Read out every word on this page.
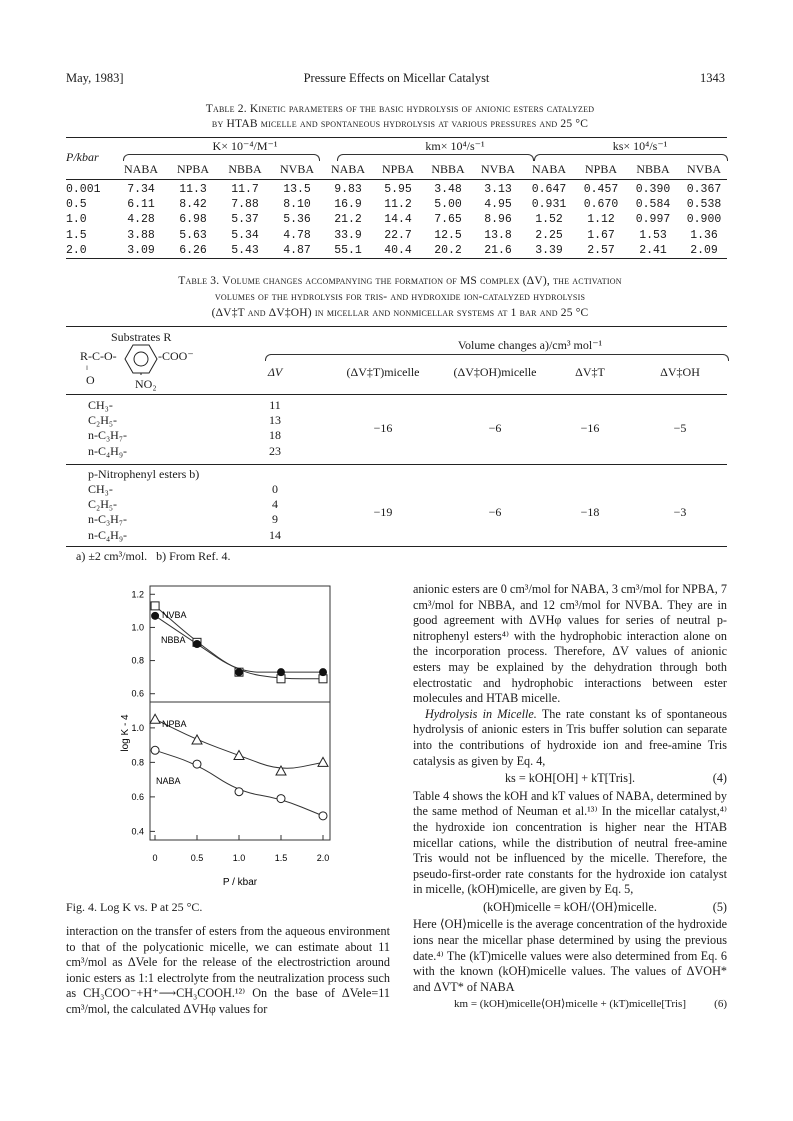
May, 1983]	Pressure Effects on Micellar Catalyst	1343
Table 2. Kinetic parameters of the basic hydrolysis of anionic esters catalyzed
by HTAB micelle and spontaneous hydrolysis at various pressures and 25 °C
P/kbar
K× 10⁻⁴/M⁻¹	km× 10⁴/s⁻¹	ks× 10⁴/s⁻¹
NABA	NPBA	NBBA	NVBA	NABA	NPBA	NBBA	NVBA	NABA	NPBA	NBBA	NVBA
0.001	7.34	11.3	11.7	13.5	9.83	5.95	3.48	3.13	0.647	0.457	0.390	0.367
0.5	6.11	8.42	7.88	8.10	16.9	11.2	5.00	4.95	0.931	0.670	0.584	0.538
1.0	4.28	6.98	5.37	5.36	21.2	14.4	7.65	8.96	1.52	1.12	0.997	0.900
1.5	3.88	5.63	5.34	4.78	33.9	22.7	12.5	13.8	2.25	1.67	1.53	1.36
2.0	3.09	6.26	5.43	4.87	55.1	40.4	20.2	21.6	3.39	2.57	2.41	2.09
Table 3. Volume changes accompanying the formation of MS complex (ΔV), the activation
volumes of the hydrolysis for tris- and hydroxide ion-catalyzed hydrolysis
(ΔV‡T and ΔV‡OH) in micellar and nonmicellar systems at 1 bar and 25 °C
Substrates R
R-C-O-
‖
O
-COO⁻
NO₂
Volume changes a)/cm³ mol⁻¹
ΔV	(ΔV‡T)micelle	(ΔV‡OH)micelle	ΔV‡T	ΔV‡OH
CH₃-	11
C₂H₅-	13
n-C₃H₇-	18
n-C₄H₉-	23
−16	−6	−16	−5
p-Nitrophenyl esters b)
CH₃-	0
C₂H₅-	4
n-C₃H₇-	9
n-C₄H₉-	14
−19	−6	−18	−3
a) ±2 cm³/mol.   b) From Ref. 4.
1.2
1.0
0.8
0.6
1.0
0.8
0.6
0.4
0	0.5	1.0	1.5	2.0
NVBA
NBBA
NPBA
NABA
log K - 4
P / kbar
Fig. 4. Log K vs. P at 25 °C.

interaction on the transfer of esters from the aqueous environment to that of the polycationic micelle, we can estimate about 11 cm³/mol as ΔVele for the release of the electrostriction around ionic esters as 1:1 electrolyte from the neutralization process such as CH₃COO⁻+H⁺⟶CH₃COOH.¹²⁾ On the base of ΔVele=11 cm³/mol, the calculated ΔVHφ values for

anionic esters are 0 cm³/mol for NABA, 3 cm³/mol for NPBA, 7 cm³/mol for NBBA, and 12 cm³/mol for NVBA. They are in good agreement with ΔVHφ values for series of neutral p-nitrophenyl esters⁴⁾ with the hydrophobic interaction alone on the incorporation process. Therefore, ΔV values of anionic esters may be explained by the dehydration through both electrostatic and hydrophobic interactions between ester molecules and HTAB micelle.

Hydrolysis in Micelle. The rate constant ks of spontaneous hydrolysis of anionic esters in Tris buffer solution can separate into the contributions of hydroxide ion and free-amine Tris catalysis as given by Eq. 4,

ks = kOH[OH] + kT[Tris].	(4)

Table 4 shows the kOH and kT values of NABA, determined by the same method of Neuman et al.¹³⁾ In the micellar catalyst,⁴⁾ the hydroxide ion concentration is higher near the HTAB micellar cations, while the distribution of neutral free-amine Tris would not be influenced by the micelle. Therefore, the pseudo-first-order rate constants for the hydroxide ion catalyst in micelle, (kOH)micelle, are given by Eq. 5,

(kOH)micelle = kOH/⟨OH⟩micelle.	(5)

Here ⟨OH⟩micelle is the average concentration of the hydroxide ions near the micellar phase determined by using the previous date.⁴⁾ The (kT)micelle values were also determined from Eq. 6 with the known (kOH)micelle values. The values of ΔVOH* and ΔVT* of NABA

km = (kOH)micelle⟨OH⟩micelle + (kT)micelle[Tris]	(6)
